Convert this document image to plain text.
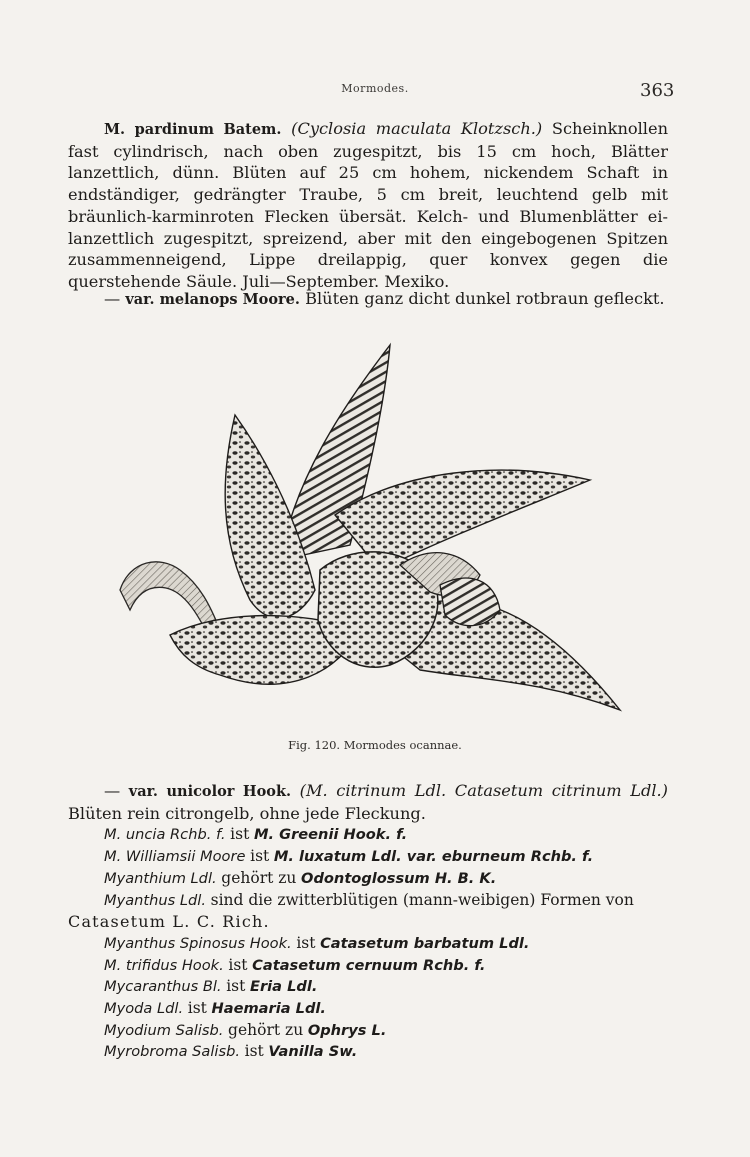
Mormodes.	363

M. pardinum Batem. (Cyclosia maculata Klotzsch.) Scheinknollen fast cylindrisch, nach oben zugespitzt, bis 15 cm hoch, Blätter lanzettlich, dünn. Blüten auf 25 cm hohem, nickendem Schaft in endständiger, gedrängter Traube, 5 cm breit, leuchtend gelb mit bräunlich-karminroten Flecken übersät. Kelch- und Blumenblätter ei-lanzettlich zugespitzt, spreizend, aber mit den eingebogenen Spitzen zusammenneigend, Lippe dreilappig, quer konvex gegen die querstehende Säule. Juli—September. Mexiko.

— var. melanops Moore. Blüten ganz dicht dunkel rotbraun gefleckt.

Fig. 120. Mormodes ocannae.

— var. unicolor Hook. (M. citrinum Ldl. Catasetum citrinum Ldl.) Blüten rein citrongelb, ohne jede Fleckung.

M. uncia Rchb. f. ist M. Greenii Hook. f.
M. Williamsii Moore ist M. luxatum Ldl. var. eburneum Rchb. f.
Myanthium Ldl. gehört zu Odontoglossum H. B. K.
Myanthus Ldl. sind die zwitterblütigen (mann-weibigen) Formen von
Catasetum L. C. Rich.
Myanthus Spinosus Hook. ist Catasetum barbatum Ldl.
M. trifidus Hook. ist Catasetum cernuum Rchb. f.
Mycaranthus Bl. ist Eria Ldl.
Myoda Ldl. ist Haemaria Ldl.
Myodium Salisb. gehört zu Ophrys L.
Myrobroma Salisb. ist Vanilla Sw.
